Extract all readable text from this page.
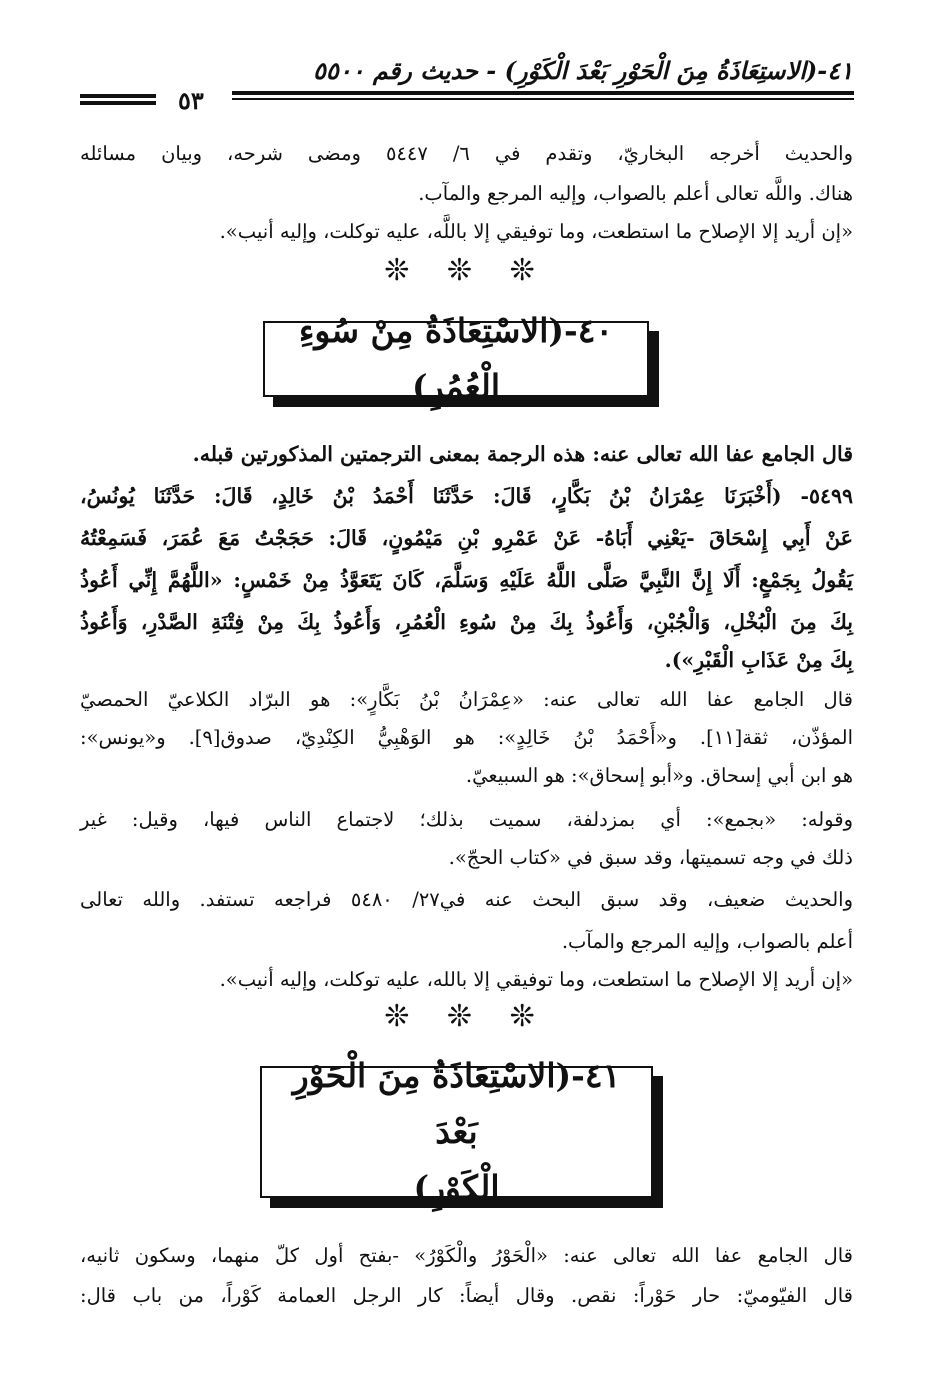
٤١-(الاستِعَاذَةُ مِنَ الْحَوْرِ بَعْدَ الْكَوْرِ) - حديث رقم ٥٥٠٠
٥٣
والحديث أخرجه البخاريّ، وتقدم في ٦/ ٥٤٤٧ ومضى شرحه، وبيان مسائله
هناك. واللَّه تعالى أعلم بالصواب، وإليه المرجع والمآب.
«إن أريد إلا الإصلاح ما استطعت، وما توفيقي إلا باللَّه، عليه توكلت، وإليه أنيب».
❊ ❊ ❊
٤٠-(الاسْتِعَاذَةُ مِنْ سُوءِ الْعُمُرِ)
قال الجامع عفا الله تعالى عنه: هذه الرجمة بمعنى الترجمتين المذكورتين قبله.
٥٤٩٩- (أَخْبَرَنَا عِمْرَانُ بْنُ بَكَّارٍ، قَالَ: حَدَّثَنَا أَحْمَدُ بْنُ خَالِدٍ، قَالَ: حَدَّثَنَا يُونُسُ،
عَنْ أَبِي إِسْحَاقَ -يَعْنِي أَبَاهُ- عَنْ عَمْرِو بْنِ مَيْمُونٍ، قَالَ: حَجَجْتُ مَعَ عُمَرَ، فَسَمِعْتُهُ
يَقُولُ بِجَمْعٍ: أَلَا إِنَّ النَّبِيَّ صَلَّى اللَّهُ عَلَيْهِ وَسَلَّمَ، كَانَ يَتَعَوَّذُ مِنْ خَمْسٍ: «اللَّهُمَّ إِنِّي أَعُوذُ
بِكَ مِنَ الْبُخْلِ، وَالْجُبْنِ، وَأَعُوذُ بِكَ مِنْ سُوءِ الْعُمُرِ، وَأَعُوذُ بِكَ مِنْ فِتْنَةِ الصَّدْرِ، وَأَعُوذُ
بِكَ مِنْ عَذَابِ الْقَبْرِ»).
قال الجامع عفا الله تعالى عنه: «عِمْرَانُ بْنُ بَكَّارٍ»: هو البرّاد الكلاعيّ الحمصيّ
المؤذّن، ثقة[١١]. و«أَحْمَدُ بْنُ خَالِدٍ»: هو الوَهْبِيُّ الكِنْدِيّ، صدوق[٩]. و«يونس»:
هو ابن أبي إسحاق. و«أبو إسحاق»: هو السبيعيّ.
وقوله: «بجمع»: أي بمزدلفة، سميت بذلك؛ لاجتماع الناس فيها، وقيل: غير
ذلك في وجه تسميتها، وقد سبق في «كتاب الحجّ».
والحديث ضعيف، وقد سبق البحث عنه في٢٧/ ٥٤٨٠ فراجعه تستفد. والله تعالى
أعلم بالصواب، وإليه المرجع والمآب.
«إن أريد إلا الإصلاح ما استطعت، وما توفيقي إلا بالله، عليه توكلت، وإليه أنيب».
❊ ❊ ❊
٤١-(الاسْتِعَاذَةُ مِنَ الْحَوْرِ بَعْدَ
الْكَوْرِ)
قال الجامع عفا الله تعالى عنه: «الْحَوْرُ والْكَوْرُ» -بفتح أول كلّ منهما، وسكون ثانيه،
قال الفيّوميّ: حار حَوْراً: نقص. وقال أيضاً: كار الرجل العمامة كَوْراً، من باب قال:
